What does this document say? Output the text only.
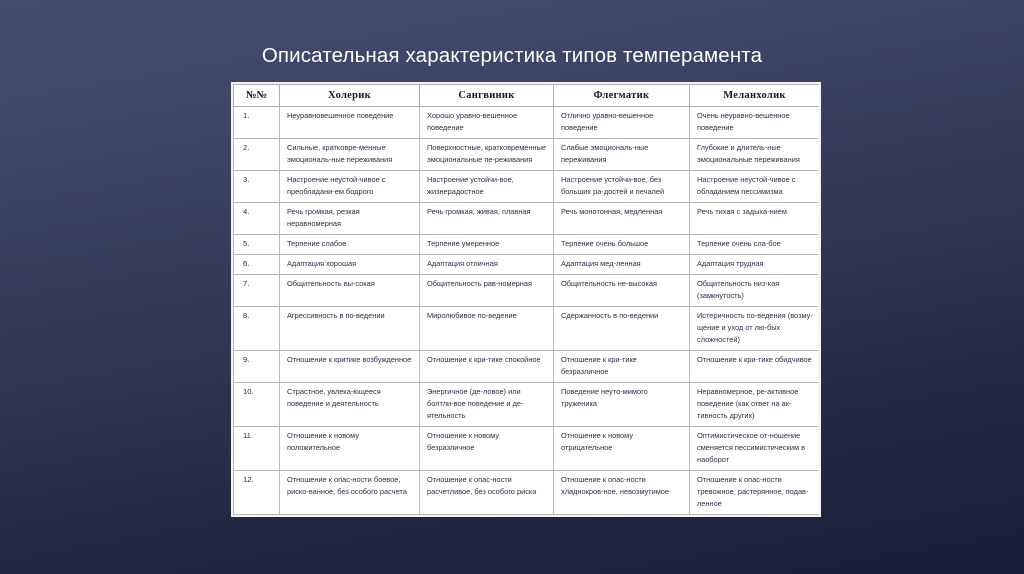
Описательная характеристика типов темперамента
№№	Холерик	Сангвиник	Флегматик	Меланхолик
1.	Неуравновешенное поведение	Хорошо уравно-вешенное поведение	Отлично уравно-вешенное поведение	Очень неуравно-вешенное поведение
2.	Сильные, кратковре-менные эмоциональ-ные переживания	Поверхностные, кратковременные эмоциональные пе-реживания	Слабые эмоциональ-ные переживания	Глубокие и длитель-ные эмоциональные переживания
3.	Настроение неустой-чивое с преобладани-ем бодрого	Настроение устойчи-вое, жизнерадостное	Настроение устойчи-вое, без больших ра-достей и печалей	Настроение неустой-чивое с обладанием пессимизма
4.	Речь громкая, резкая неравномерная	Речь громкая, живая, плавная	Речь монотонная, медленная	Речь тихая с задыха-нием
5.	Терпение слабое	Терпение умеренное	Терпение очень большое	Терпение очень сла-бое
6.	Адаптация хорошая	Адаптация отличная	Адаптация мед-ленная	Адаптация трудная
7.	Общительность вы-сокая	Общительность рав-номерная	Общительность не-высокая	Общительность низ-кая (замкнутость)
8.	Агрессивность в по-ведении	Миролюбивое по-ведение	Сдержанность в по-ведении	Истеричность по-ведения (возму-щение и уход от лю-бых сложностей)
9.	Отношение к критике возбужденное	Отношение к кри-тике спокойное	Отношение к кри-тике безразличное	Отношение к кри-тике обидчивое
10.	Страстное, увлека-ющееся поведение и деятельность	Энергичное (де-ловое) или болтли-вое поведение и де-ятельность	Поведение неуто-мимого труженика	Неравномерное, ре-активное поведение (как ответ на ак-тивность других)
11.	Отношение к новому положительное	Отношение к новому безразличное	Отношение к новому отрицательное	Оптимистическое от-ношение сменяется пессимистическим в наоборот
12.	Отношение к опас-ности боевое, риско-ванное, без особого расчета	Отношение к опас-ности расчетливое, без особого риска	Отношение к опас-ности хладнокров-ное, невозмутимое	Отношение к опас-ности тревожное, растерянное, подав-ленное
